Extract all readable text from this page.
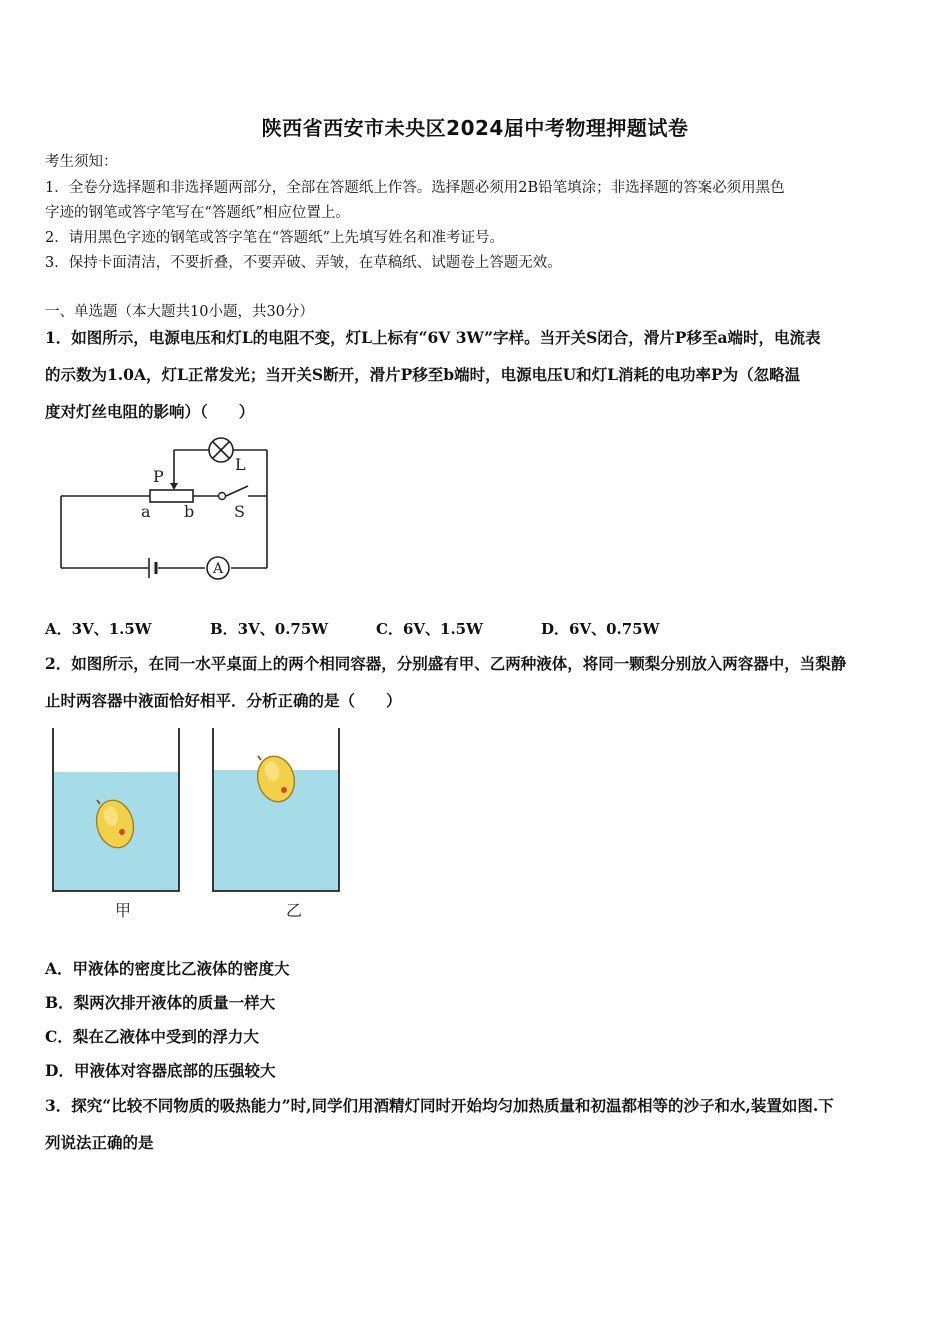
陕西省西安市未央区2024届中考物理押题试卷
考生须知：
1．全卷分选择题和非选择题两部分，全部在答题纸上作答。选择题必须用2B铅笔填涂；非选择题的答案必须用黑色
字迹的钢笔或答字笔写在“答题纸”相应位置上。
2．请用黑色字迹的钢笔或答字笔在“答题纸”上先填写姓名和准考证号。
3．保持卡面清洁，不要折叠，不要弄破、弄皱，在草稿纸、试题卷上答题无效。
一、单选题（本大题共10小题，共30分）
1．如图所示，电源电压和灯L的电阻不变，灯L上标有“6V 3W”字样。当开关S闭合，滑片P移至a端时，电流表
的示数为1.0A，灯L正常发光；当开关S断开，滑片P移至b端时，电源电压U和灯L消耗的电功率P为（忽略温
度对灯丝电阻的影响）（　　）
A
P
L
a b S
A．3V、1.5W	B．3V、0.75W	C．6V、1.5W	D．6V、0.75W
2．如图所示，在同一水平桌面上的两个相同容器，分别盛有甲、乙两种液体，将同一颗梨分别放入两容器中，当梨静
止时两容器中液面恰好相平．分析正确的是（　　）
甲	乙
A．甲液体的密度比乙液体的密度大
B．梨两次排开液体的质量一样大
C．梨在乙液体中受到的浮力大
D．甲液体对容器底部的压强较大
3．探究“比较不同物质的吸热能力”时,同学们用酒精灯同时开始均匀加热质量和初温都相等的沙子和水,装置如图.下
列说法正确的是
